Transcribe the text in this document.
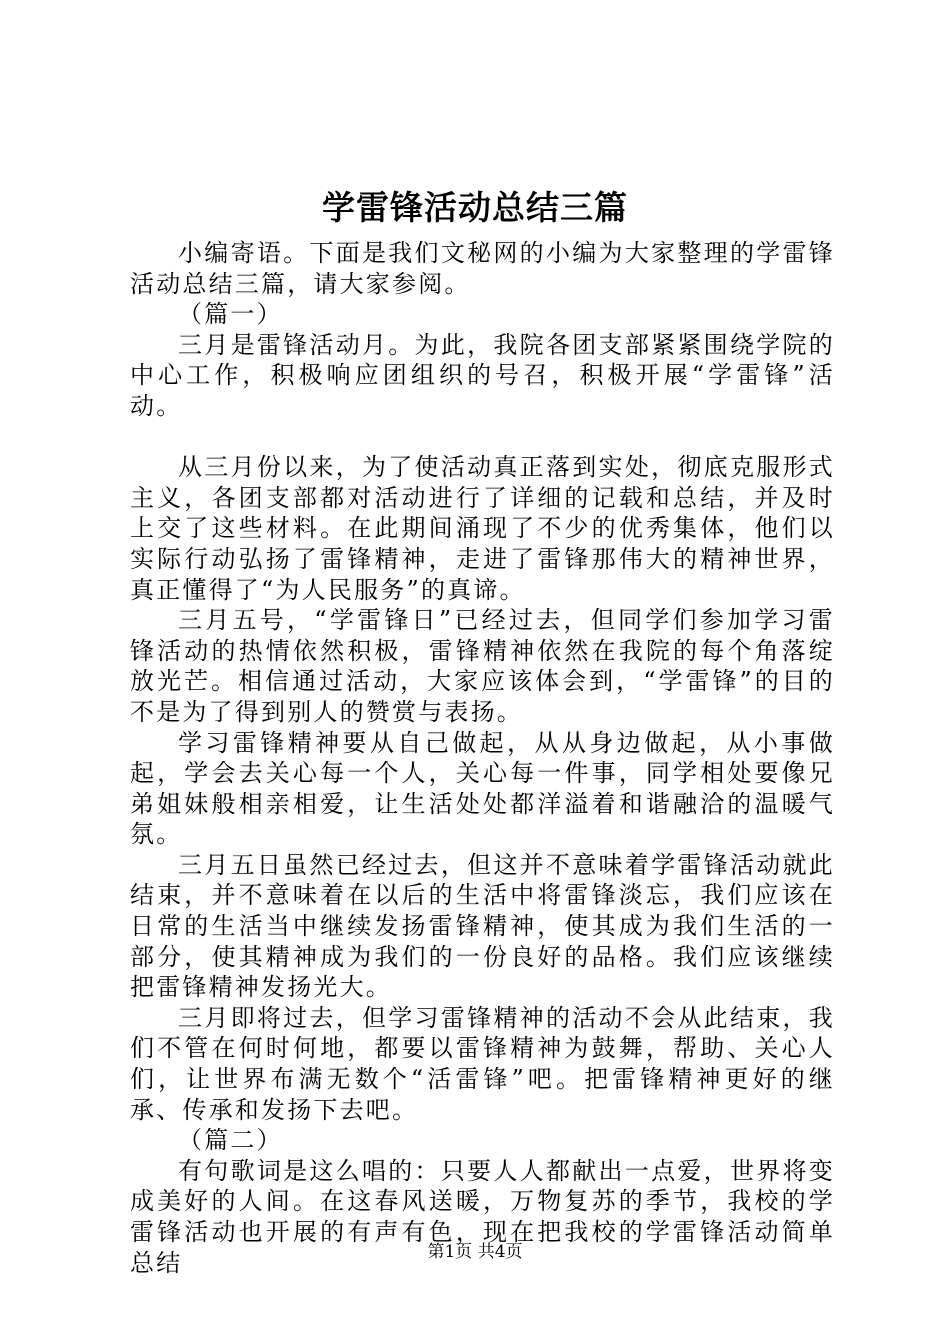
学雷锋活动总结三篇

小编寄语。下面是我们文秘网的小编为大家整理的学雷锋活动总结三篇，请大家参阅。

（篇一）

三月是雷锋活动月。为此，我院各团支部紧紧围绕学院的中心工作，积极响应团组织的号召，积极开展“学雷锋”活动。

从三月份以来，为了使活动真正落到实处，彻底克服形式主义，各团支部都对活动进行了详细的记载和总结，并及时上交了这些材料。在此期间涌现了不少的优秀集体，他们以实际行动弘扬了雷锋精神，走进了雷锋那伟大的精神世界，真正懂得了“为人民服务”的真谛。

三月五号，“学雷锋日”已经过去，但同学们参加学习雷锋活动的热情依然积极，雷锋精神依然在我院的每个角落绽放光芒。相信通过活动，大家应该体会到，“学雷锋”的目的不是为了得到别人的赞赏与表扬。

学习雷锋精神要从自己做起，从从身边做起，从小事做起，学会去关心每一个人，关心每一件事，同学相处要像兄弟姐妹般相亲相爱，让生活处处都洋溢着和谐融洽的温暖气氛。

三月五日虽然已经过去，但这并不意味着学雷锋活动就此结束，并不意味着在以后的生活中将雷锋淡忘，我们应该在日常的生活当中继续发扬雷锋精神，使其成为我们生活的一部分，使其精神成为我们的一份良好的品格。我们应该继续把雷锋精神发扬光大。

三月即将过去，但学习雷锋精神的活动不会从此结束，我们不管在何时何地，都要以雷锋精神为鼓舞，帮助、关心人们，让世界布满无数个“活雷锋”吧。把雷锋精神更好的继承、传承和发扬下去吧。

（篇二）

有句歌词是这么唱的：只要人人都献出一点爱，世界将变成美好的人间。在这春风送暖，万物复苏的季节，我校的学雷锋活动也开展的有声有色，现在把我校的学雷锋活动简单总结	第1页 共4页
